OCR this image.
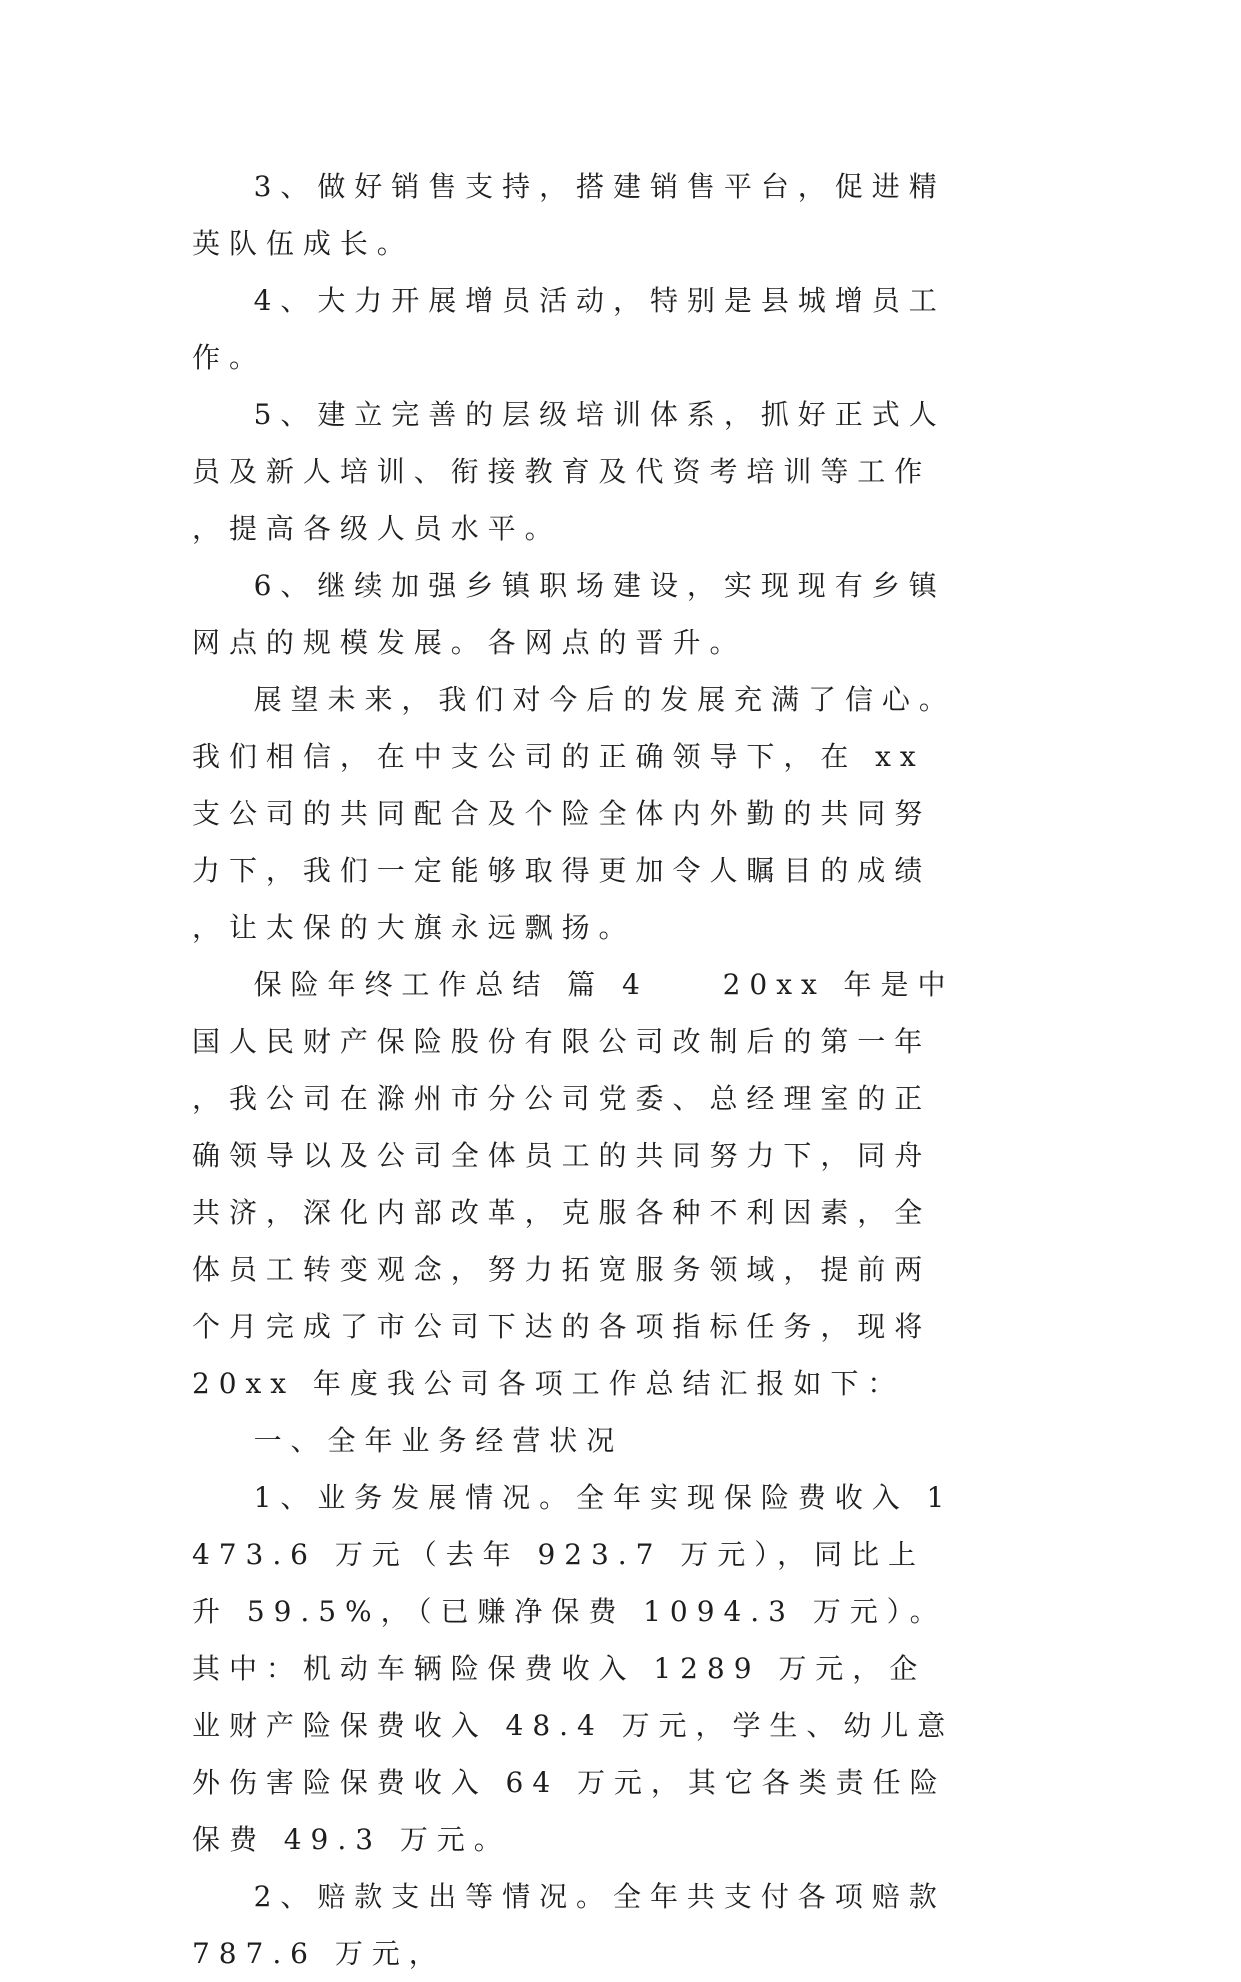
3、做好销售支持，搭建销售平台，促进精英队伍成长。

4、大力开展增员活动，特别是县城增员工作。

5、建立完善的层级培训体系，抓好正式人员及新人培训、衔接教育及代资考培训等工作，提高各级人员水平。

6、继续加强乡镇职场建设，实现现有乡镇网点的规模发展。各网点的晋升。

展望未来，我们对今后的发展充满了信心。我们相信，在中支公司的正确领导下，在 xx 支公司的共同配合及个险全体内外勤的共同努力下，我们一定能够取得更加令人瞩目的成绩，让太保的大旗永远飘扬。

保险年终工作总结 篇 4　　20xx 年是中国人民财产保险股份有限公司改制后的第一年，我公司在滁州市分公司党委、总经理室的正确领导以及公司全体员工的共同努力下，同舟共济，深化内部改革，克服各种不利因素，全体员工转变观念，努力拓宽服务领域，提前两个月完成了市公司下达的各项指标任务，现将 20xx 年度我公司各项工作总结汇报如下：

一、全年业务经营状况

1、业务发展情况。全年实现保险费收入 1473.6 万元（去年 923.7 万元），同比上升 59.5%，（已赚净保费 1094.3 万元）。其中：机动车辆险保费收入 1289 万元，企业财产险保费收入 48.4 万元，学生、幼儿意外伤害险保费收入 64 万元，其它各类责任险保费 49.3 万元。

2、赔款支出等情况。全年共支付各项赔款 787.6 万元，
